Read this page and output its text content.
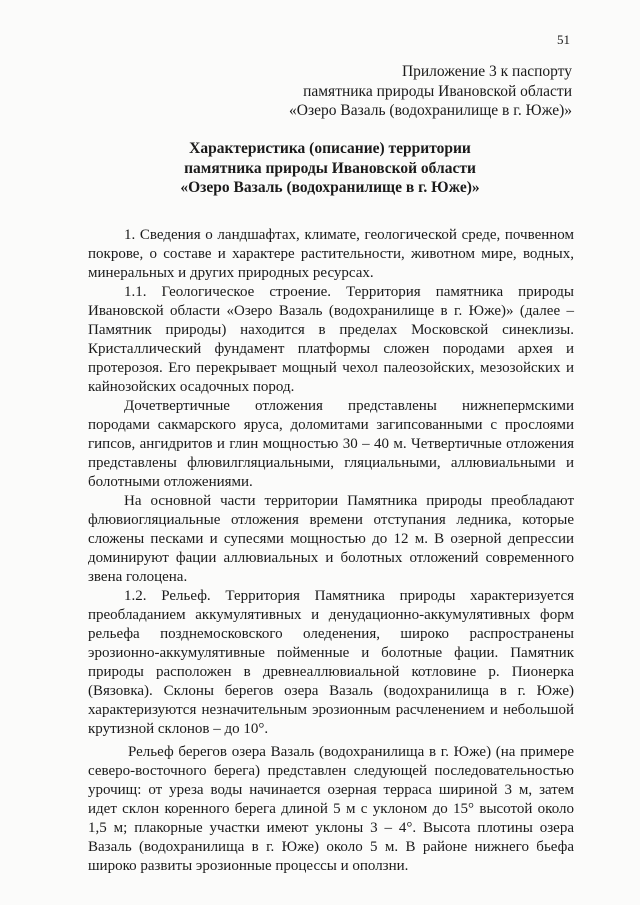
51
Приложение 3 к паспорту
памятника природы Ивановской области
«Озеро Вазаль (водохранилище в г. Юже)»
Характеристика (описание) территории
памятника природы Ивановской области
«Озеро Вазаль (водохранилище в г. Юже)»

1. Сведения о ландшафтах, климате, геологической среде, почвенном покрове, о составе и характере растительности, животном мире, водных, минеральных и других природных ресурсах.

1.1. Геологическое строение. Территория памятника природы Ивановской области «Озеро Вазаль (водохранилище в г. Юже)» (далее – Памятник природы) находится в пределах Московской синеклизы. Кристаллический фундамент платформы сложен породами архея и протерозоя. Его перекрывает мощный чехол палеозойских, мезозойских и кайнозойских осадочных пород.

Дочетвертичные отложения представлены нижнепермскими породами сакмарского яруса, доломитами загипсованными с прослоями гипсов, ангидритов и глин мощностью 30 – 40 м. Четвертичные отложения представлены флювилгляциальными, гляциальными, аллювиальными и болотными отложениями.

На основной части территории Памятника природы преобладают флювиогляциальные отложения времени отступания ледника, которые сложены песками и супесями мощностью до 12 м. В озерной депрессии доминируют фации аллювиальных и болотных отложений современного звена голоцена.

1.2. Рельеф. Территория Памятника природы характеризуется преобладанием аккумулятивных и денудационно-аккумулятивных форм рельефа позднемосковского оледенения, широко распространены эрозионно-аккумулятивные пойменные и болотные фации. Памятник природы расположен в древнеаллювиальной котловине р. Пионерка (Вязовка). Склоны берегов озера Вазаль (водохранилища в г. Юже) характеризуются незначительным эрозионным расчленением и небольшой крутизной склонов – до 10°.

Рельеф берегов озера Вазаль (водохранилища в г. Юже) (на примере северо-восточного берега) представлен следующей последовательностью урочищ: от уреза воды начинается озерная терраса шириной 3 м, затем идет склон коренного берега длиной 5 м с уклоном до 15° высотой около 1,5 м; плакорные участки имеют уклоны 3 – 4°. Высота плотины озера Вазаль (водохранилища в г. Юже) около 5 м. В районе нижнего бьефа широко развиты эрозионные процессы и оползни.
